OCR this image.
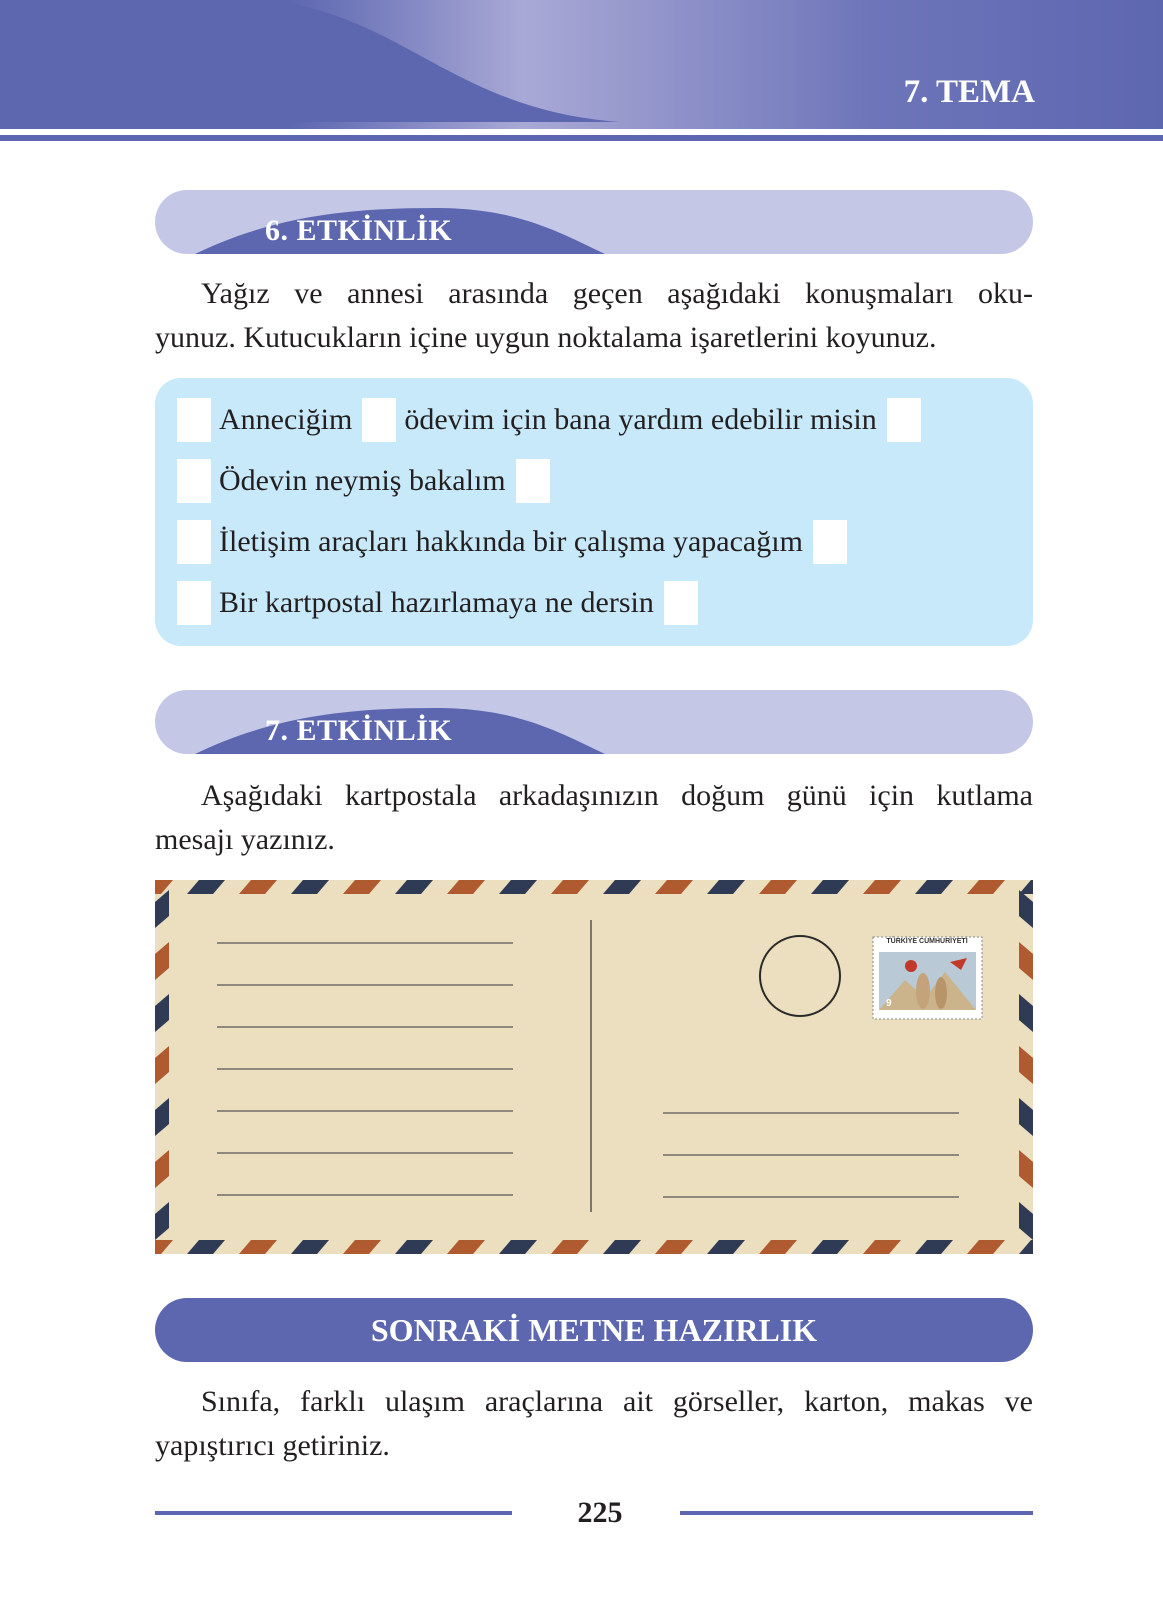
7. TEMA
6. ETKİNLİK
Yağız ve annesi arasında geçen aşağıdaki konuşmaları oku-
yunuz. Kutucukların içine uygun noktalama işaretlerini koyunuz.
Anneciğim ödevim için bana yardım edebilir misin
Ödevin neymiş bakalım
İletişim araçları hakkında bir çalışma yapacağım
Bir kartpostal hazırlamaya ne dersin
7. ETKİNLİK
Aşağıdaki kartpostala arkadaşınızın doğum günü için kutlama
mesajı yazınız.
9
TÜRKİYE CUMHURİYETİ
SONRAKİ METNE HAZIRLIK
Sınıfa, farklı ulaşım araçlarına ait görseller, karton, makas ve
yapıştırıcı getiriniz.
225
